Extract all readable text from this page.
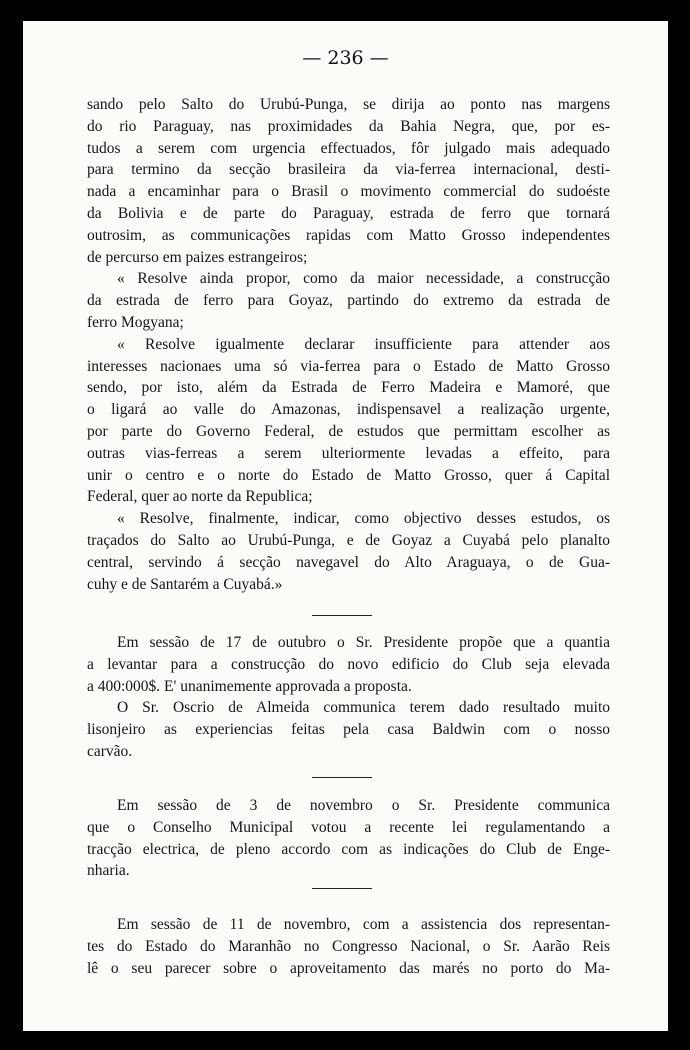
— 236 —

sando pelo Salto do Urubú-Punga, se dirija ao ponto nas margens

do rio Paraguay, nas proximidades da Bahia Negra, que, por es-

tudos a serem com urgencia effectuados, fôr julgado mais adequado

para termino da secção brasileira da via-ferrea internacional, desti-

nada a encaminhar para o Brasil o movimento commercial do sudoéste

da Bolivia e de parte do Paraguay, estrada de ferro que tornará

outrosim, as communicações rapidas com Matto Grosso independentes

de percurso em paizes estrangeiros;

« Resolve ainda propor, como da maior necessidade, a construcção

da estrada de ferro para Goyaz, partindo do extremo da estrada de

ferro Mogyana;

« Resolve igualmente declarar insufficiente para attender aos

interesses nacionaes uma só via-ferrea para o Estado de Matto Grosso

sendo, por isto, além da Estrada de Ferro Madeira e Mamoré, que

o ligará ao valle do Amazonas, indispensavel a realização urgente,

por parte do Governo Federal, de estudos que permittam escolher as

outras vias-ferreas a serem ulteriormente levadas a effeito, para

unir o centro e o norte do Estado de Matto Grosso, quer á Capital

Federal, quer ao norte da Republica;

« Resolve, finalmente, indicar, como objectivo desses estudos, os

traçados do Salto ao Urubú-Punga, e de Goyaz a Cuyabá pelo planalto

central, servindo á secção navegavel do Alto Araguaya, o de Gua-

cuhy e de Santarém a Cuyabá.»

Em sessão de 17 de outubro o Sr. Presidente propõe que a quantia

a levantar para a construcção do novo edificio do Club seja elevada

a 400:000$. E' unanimemente approvada a proposta.

O Sr. Oscrio de Almeida communica terem dado resultado muito

lisonjeiro as experiencias feitas pela casa Baldwin com o nosso

carvão.

Em sessão de 3 de novembro o Sr. Presidente communica

que o Conselho Municipal votou a recente lei regulamentando a

tracção electrica, de pleno accordo com as indicações do Club de Enge-

nharia.

Em sessão de 11 de novembro, com a assistencia dos representan-

tes do Estado do Maranhão no Congresso Nacional, o Sr. Aarão Reis

lê o seu parecer sobre o aproveitamento das marés no porto do Ma-
